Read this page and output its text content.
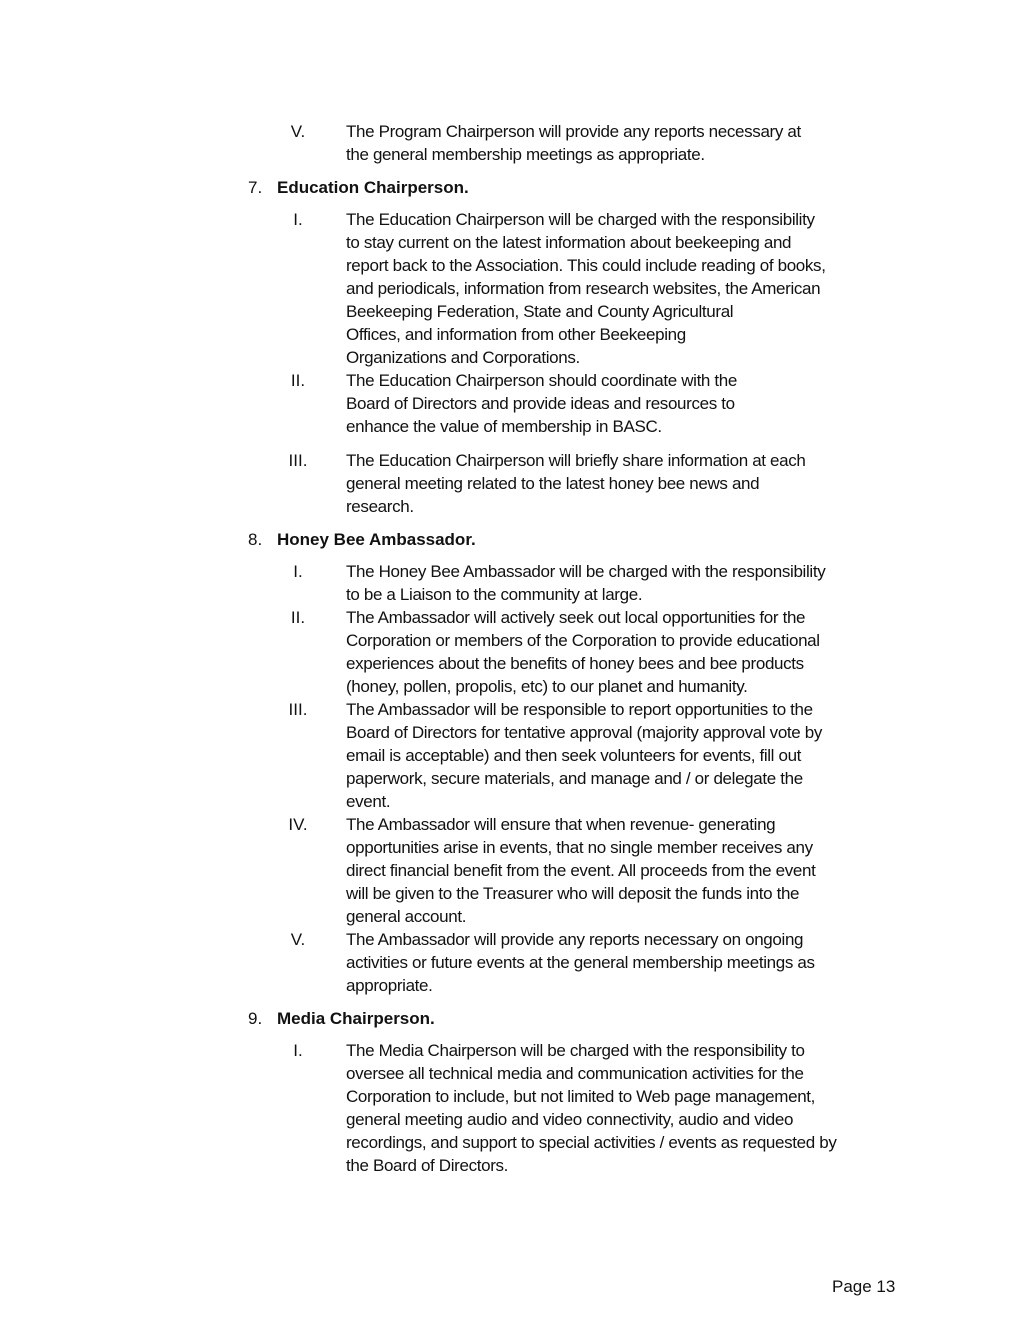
V.	The Program Chairperson will provide any reports necessary at
the general membership meetings as appropriate.
7. Education Chairperson.
I.	The Education Chairperson will be charged with the responsibility
to stay current on the latest information about beekeeping and
report back to the Association. This could include reading of books,
and periodicals, information from research websites, the American
Beekeeping Federation, State and County Agricultural
Offices, and information from other Beekeeping
Organizations and Corporations.
II.	The Education Chairperson should coordinate with the
Board of Directors and provide ideas and resources to
enhance the value of membership in BASC.
III.	The Education Chairperson will briefly share information at each
general meeting related to the latest honey bee news and
research.
8. Honey Bee Ambassador.
I.	The Honey Bee Ambassador will be charged with the responsibility
to be a Liaison to the community at large.
II.	The Ambassador will actively seek out local opportunities for the
Corporation or members of the Corporation to provide educational
experiences about the benefits of honey bees and bee products
(honey, pollen, propolis, etc) to our planet and humanity.
III.	The Ambassador will be responsible to report opportunities to the
Board of Directors for tentative approval (majority approval vote by
email is acceptable) and then seek volunteers for events, fill out
paperwork, secure materials, and manage and / or delegate the
event.
IV.	The Ambassador will ensure that when revenue- generating
opportunities arise in events, that no single member receives any
direct financial benefit from the event. All proceeds from the event
will be given to the Treasurer who will deposit the funds into the
general account.
V.	The Ambassador will provide any reports necessary on ongoing
activities or future events at the general membership meetings as
appropriate.
9. Media Chairperson.
I.	The Media Chairperson will be charged with the responsibility to
oversee all technical media and communication activities for the
Corporation to include, but not limited to Web page management,
general meeting audio and video connectivity, audio and video
recordings, and support to special activities / events as requested by
the Board of Directors.
Page 13
